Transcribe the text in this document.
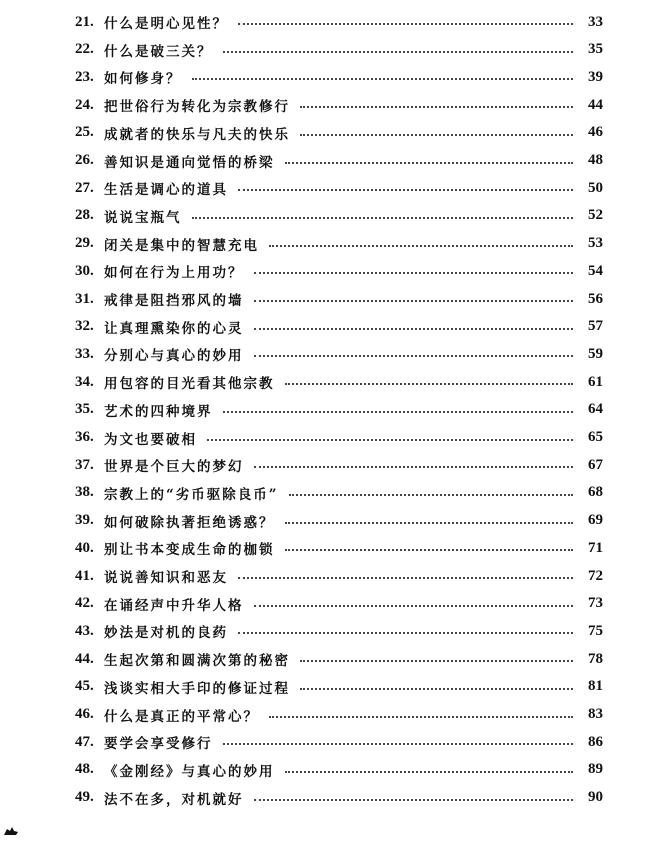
21. 什么是明心见性？	33
22. 什么是破三关？	35
23. 如何修身？	39
24. 把世俗行为转化为宗教修行	44
25. 成就者的快乐与凡夫的快乐	46
26. 善知识是通向觉悟的桥梁	48
27. 生活是调心的道具	50
28. 说说宝瓶气	52
29. 闭关是集中的智慧充电	53
30. 如何在行为上用功？	54
31. 戒律是阻挡邪风的墙	56
32. 让真理熏染你的心灵	57
33. 分别心与真心的妙用	59
34. 用包容的目光看其他宗教	61
35. 艺术的四种境界	64
36. 为文也要破相	65
37. 世界是个巨大的梦幻	67
38. 宗教上的“劣币驱除良币”	68
39. 如何破除执著拒绝诱惑？	69
40. 别让书本变成生命的枷锁	71
41. 说说善知识和恶友	72
42. 在诵经声中升华人格	73
43. 妙法是对机的良药	75
44. 生起次第和圆满次第的秘密	78
45. 浅谈实相大手印的修证过程	81
46. 什么是真正的平常心？	83
47. 要学会享受修行	86
48. 《金刚经》与真心的妙用	89
49. 法不在多，对机就好	90
